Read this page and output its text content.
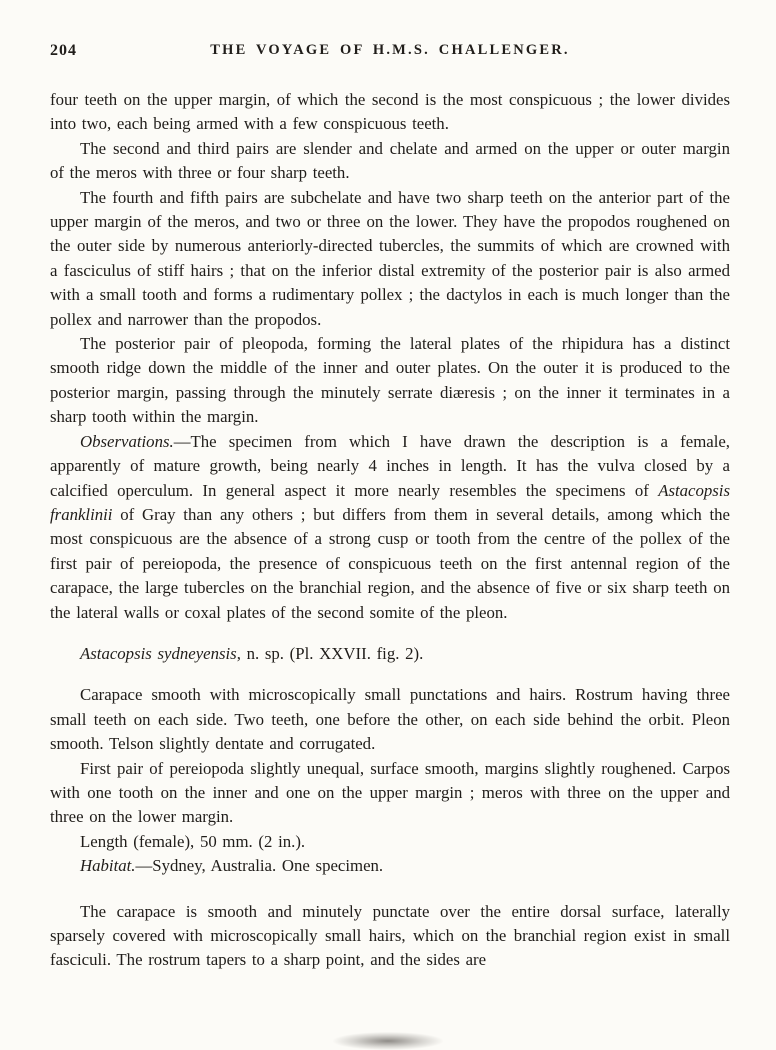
204	THE VOYAGE OF H.M.S. CHALLENGER.

four teeth on the upper margin, of which the second is the most conspicuous ; the lower divides into two, each being armed with a few conspicuous teeth.

The second and third pairs are slender and chelate and armed on the upper or outer margin of the meros with three or four sharp teeth.

The fourth and fifth pairs are subchelate and have two sharp teeth on the anterior part of the upper margin of the meros, and two or three on the lower. They have the propodos roughened on the outer side by numerous anteriorly-directed tubercles, the summits of which are crowned with a fasciculus of stiff hairs ; that on the inferior distal extremity of the posterior pair is also armed with a small tooth and forms a rudimentary pollex ; the dactylos in each is much longer than the pollex and narrower than the propodos.

The posterior pair of pleopoda, forming the lateral plates of the rhipidura has a distinct smooth ridge down the middle of the inner and outer plates. On the outer it is produced to the posterior margin, passing through the minutely serrate diæresis ; on the inner it terminates in a sharp tooth within the margin.

Observations.—The specimen from which I have drawn the description is a female, apparently of mature growth, being nearly 4 inches in length. It has the vulva closed by a calcified operculum. In general aspect it more nearly resembles the specimens of Astacopsis franklinii of Gray than any others ; but differs from them in several details, among which the most conspicuous are the absence of a strong cusp or tooth from the centre of the pollex of the first pair of pereiopoda, the presence of conspicuous teeth on the first antennal region of the carapace, the large tubercles on the branchial region, and the absence of five or six sharp teeth on the lateral walls or coxal plates of the second somite of the pleon.

Astacopsis sydneyensis, n. sp. (Pl. XXVII. fig. 2).

Carapace smooth with microscopically small punctations and hairs. Rostrum having three small teeth on each side. Two teeth, one before the other, on each side behind the orbit. Pleon smooth. Telson slightly dentate and corrugated.

First pair of pereiopoda slightly unequal, surface smooth, margins slightly roughened. Carpos with one tooth on the inner and one on the upper margin ; meros with three on the upper and three on the lower margin.

Length (female), 50 mm. (2 in.).

Habitat.—Sydney, Australia. One specimen.

The carapace is smooth and minutely punctate over the entire dorsal surface, laterally sparsely covered with microscopically small hairs, which on the branchial region exist in small fasciculi. The rostrum tapers to a sharp point, and the sides are
